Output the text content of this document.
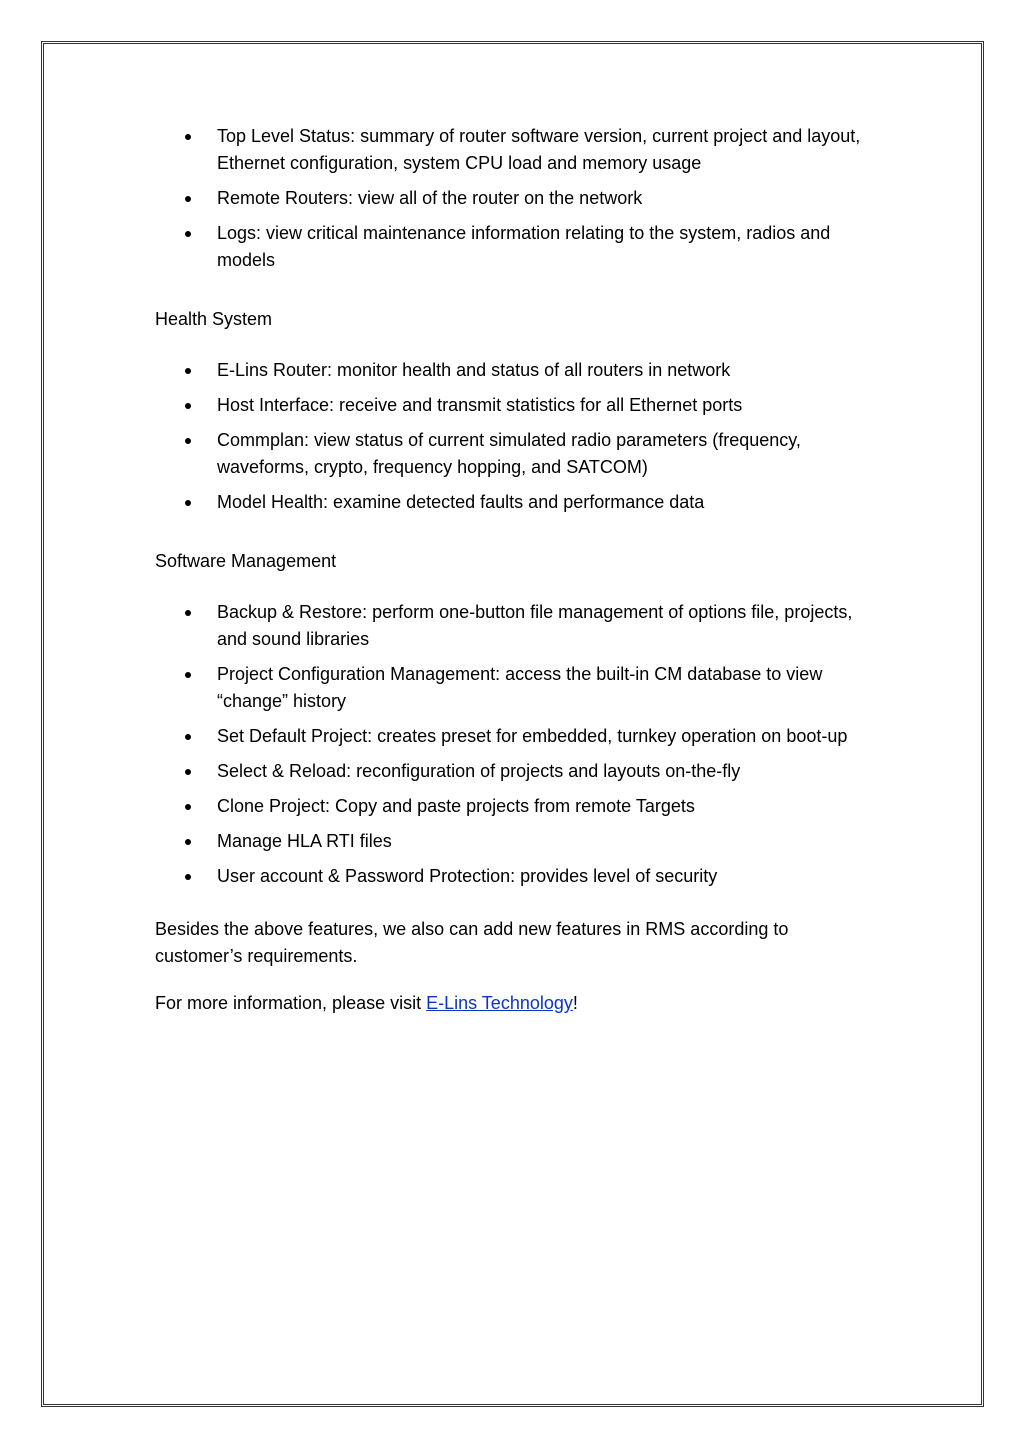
Top Level Status: summary of router software version, current project and layout, Ethernet configuration, system CPU load and memory usage
Remote Routers: view all of the router on the network
Logs: view critical maintenance information relating to the system, radios and models

Health System

E-Lins Router: monitor health and status of all routers in network
Host Interface: receive and transmit statistics for all Ethernet ports
Commplan: view status of current simulated radio parameters (frequency, waveforms, crypto, frequency hopping, and SATCOM)
Model Health: examine detected faults and performance data

Software Management

Backup & Restore: perform one-button file management of options file, projects, and sound libraries
Project Configuration Management: access the built-in CM database to view “change” history
Set Default Project: creates preset for embedded, turnkey operation on boot-up
Select & Reload: reconfiguration of projects and layouts on-the-fly
Clone Project: Copy and paste projects from remote Targets
Manage HLA RTI files
User account & Password Protection: provides level of security

Besides the above features, we also can add new features in RMS according to customer’s requirements.

For more information, please visit E-Lins Technology!
